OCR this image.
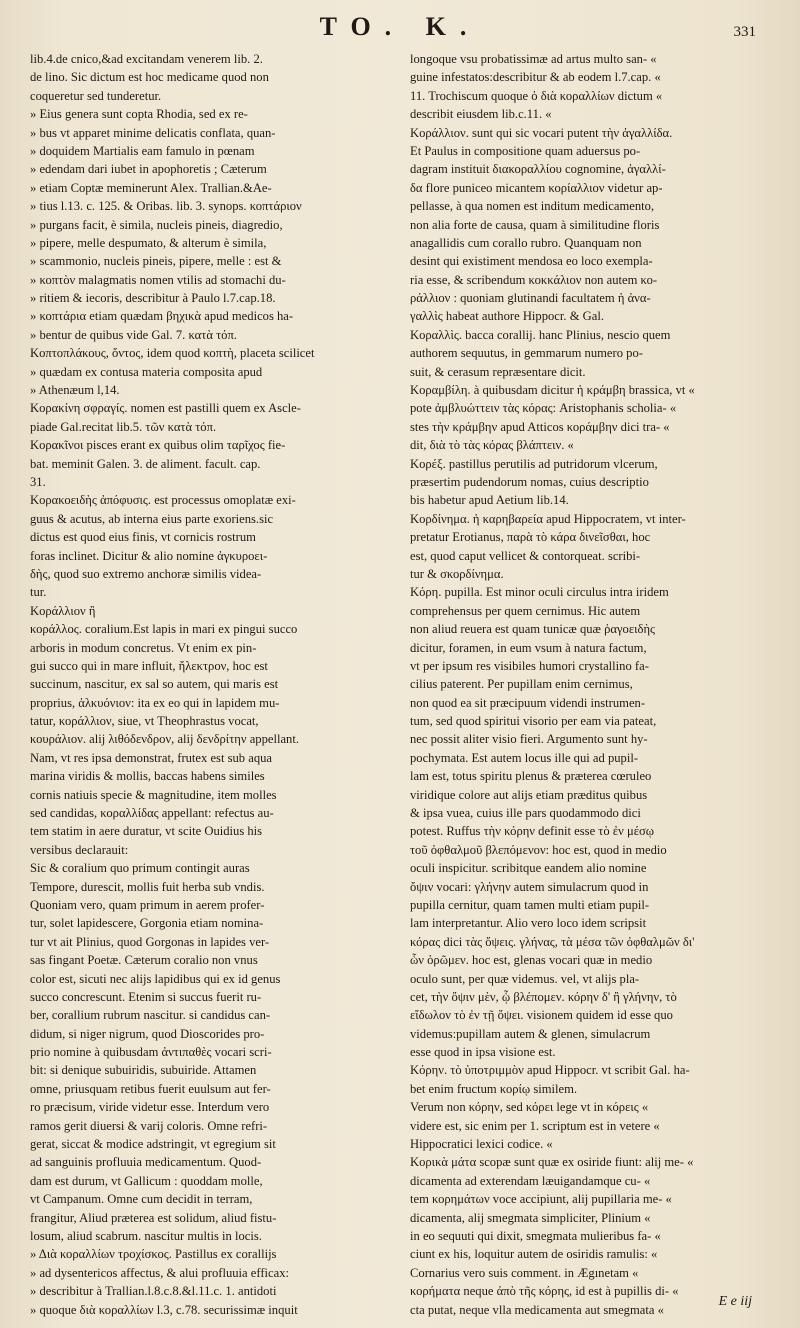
TO. K.	331
lib.4.de cnico,&ad excitandam venerem lib. 2.
de lino. Sic dictum est hoc medicame quod non
coqueretur sed tunderetur.
» Eius genera sunt copta Rhodia, sed ex re-
» bus vt apparet minime delicatis conflata, quan-
» doquidem Martialis eam famulo in pœnam
» edendam dari iubet in apophoretis ; Cæterum
» etiam Coptæ meminerunt Alex. Trallian.&Ae-
» tius l.13. c. 125. & Oribas. lib. 3. synops. κοπτάριον
» purgans facit, è simila, nucleis pineis, diagredio,
» pipere, melle despumato, & alterum è simila,
» scammonio, nucleis pineis, pipere, melle : est &
» κοπτὸν malagmatis nomen vtilis ad stomachi du-
» ritiem & iecoris, describitur à Paulo l.7.cap.18.
» κοπτάρια etiam quædam βηχικὰ apud medicos ha-
» bentur de quibus vide Gal. 7. κατὰ τόπ.
Κοπτοπλάκους, ὄντος, idem quod κοπτὴ, placeta scilicet
» quædam ex contusa materia composita apud
» Athenæum l,14.
Κορακίνη σφραγίς. nomen est pastilli quem ex Ascle-
piade Gal.recitat lib.5. τῶν κατὰ τόπ.
Κορακῖνοι pisces erant ex quibus olim ταρῖχος fie-
bat. meminit Galen. 3. de aliment. facult. cap.
31.
Κορακοειδὴς ἀπόφυσις. est processus omoplatæ exi-
guus & acutus, ab interna eius parte exoriens.sic
dictus est quod eius finis, vt cornicis rostrum
foras inclinet. Dicitur & alio nomine ἀγκυροει-
δὴς, quod suo extremo anchoræ similis videa-
tur.
Κοράλλιον ἢ
κοράλλος. coralium.Est lapis in mari ex pingui succo
arboris in modum concretus. Vt enim ex pin-
gui succo qui in mare influit, ἤλεκτρον, hoc est
succinum, nascitur, ex sal so autem, qui maris est
proprius, ἁλκυόνιον: ita ex eo qui in lapidem mu-
tatur, κοράλλιον, siue, vt Theophrastus vocat,
κουράλιον. alij λιθόδενδρον, alij δενδρίτην appellant.
Nam, vt res ipsa demonstrat, frutex est sub aqua
marina viridis & mollis, baccas habens similes
cornis natiuis specie & magnitudine, item molles
sed candidas, κοραλλίδας appellant: refectus au-
tem statim in aere duratur, vt scite Ouidius his
versibus declarauit:
Sic & coralium quo primum contingit auras
Tempore, durescit, mollis fuit herba sub vndis.
Quoniam vero, quam primum in aerem profer-
tur, solet lapidescere, Gorgonia etiam nomina-
tur vt ait Plinius, quod Gorgonas in lapides ver-
sas fingant Poetæ. Cæterum coralio non vnus
color est, sicuti nec alijs lapidibus qui ex id genus
succo concrescunt. Etenim si succus fuerit ru-
ber, corallium rubrum nascitur. si candidus can-
didum, si niger nigrum, quod Dioscorides pro-
prio nomine à quibusdam ἀντιπαθὲς vocari scri-
bit: si denique subuiridis, subuiride. Attamen
omne, priusquam retibus fuerit euulsum aut fer-
ro præcisum, viride videtur esse. Interdum vero
ramos gerit diuersi & varij coloris. Omne refri-
gerat, siccat & modice adstringit, vt egregium sit
ad sanguinis profluuia medicamentum. Quod-
dam est durum, vt Gallicum : quoddam molle,
vt Campanum. Omne cum decidit in terram,
frangitur, Aliud præterea est solidum, aliud fistu-
losum, aliud scabrum. nascitur multis in locis.
» Διὰ κοραλλίων τροχίσκος. Pastillus ex corallijs
» ad dysentericos affectus, & alui profluuia efficax:
» describitur à Trallian.l.8.c.8.&l.11.c. 1. antidoti
» quoque διὰ κοραλλίων l.3, c.78. securissimæ inquit
longoque vsu probatissimæ ad artus multo san- «
guine infestatos:describitur & ab eodem l.7.cap. «
11. Trochiscum quoque ὁ διὰ κοραλλίων dictum «
describit eiusdem lib.c.11. «
Κοράλλιον. sunt qui sic vocari putent τὴν ἀγαλλίδα.
Et Paulus in compositione quam aduersus po-
dagram instituit διακοραλλίου cognomine, ἀγαλλί-
δα flore puniceo micantem κορίαλλιον videtur ap-
pellasse, à qua nomen est inditum medicamento,
non alia forte de causa, quam à similitudine floris
anagallidis cum corallo rubro. Quanquam non
desint qui existiment mendosa eo loco exempla-
ria esse, & scribendum κοκκάλιον non autem κο-
ράλλιον : quoniam glutinandi facultatem ἡ ἀνα-
γαλλὶς habeat authore Hippocr. & Gal.
Κοραλλὶς. bacca corallij. hanc Plinius, nescio quem
authorem sequutus, in gemmarum numero po-
suit, & cerasum repræsentare dicit.
Κοραμβίλη. à quibusdam dicitur ἡ κράμβη brassica, vt «
pote ἀμβλυώττειν τὰς κόρας: Aristophanis scholia- «
stes τὴν κράμβην apud Atticos κοράμβην dici tra- «
dit, διὰ τὸ τὰς κόρας βλάπτειν. «
Κορέξ. pastillus perutilis ad putridorum vlcerum,
præsertim pudendorum nomas, cuius descriptio
bis habetur apud Aetium lib.14.
Κορδίνημα. ἡ καρηβαρεία apud Hippocratem, vt inter-
pretatur Erotianus, παρὰ τὸ κάρα δινεῖσθαι, hoc
est, quod caput vellicet & contorqueat. scribi-
tur & σκορδίνημα.
Κόρη. pupilla. Est minor oculi circulus intra iridem
comprehensus per quem cernimus. Hic autem
non aliud reuera est quam tunicæ quæ ῥαγοειδὴς
dicitur, foramen, in eum vsum à natura factum,
vt per ipsum res visibiles humori crystallino fa-
cilius paterent. Per pupillam enim cernimus,
non quod ea sit præcipuum videndi instrumen-
tum, sed quod spiritui visorio per eam via pateat,
nec possit aliter visio fieri. Argumento sunt hy-
pochymata. Est autem locus ille qui ad pupil-
lam est, totus spiritu plenus & præterea cœruleo
viridique colore aut alijs etiam præditus quibus
& ipsa vuea, cuius ille pars quodammodo dici
potest. Ruffus τὴν κόρην definit esse τὸ ἐν μέσῳ
τοῦ ὀφθαλμοῦ βλεπόμενον: hoc est, quod in medio
oculi inspicitur. scribitque eandem alio nomine
ὄψιν vocari: γλήνην autem simulacrum quod in
pupilla cernitur, quam tamen multi etiam pupil-
lam interpretantur. Alio vero loco idem scripsit
κόρας dici τὰς ὄψεις. γλήνας, τὰ μέσα τῶν ὀφθαλμῶν δι'
ὧν ὁρῶμεν. hoc est, glenas vocari quæ in medio
oculo sunt, per quæ videmus. vel, vt alijs pla-
cet, τὴν ὄψιν μὲν, ᾧ βλέπομεν. κόρην δ' ἢ γλήνην, τὸ
εἴδωλον τὸ ἐν τῇ ὄψει. visionem quidem id esse quo
videmus:pupillam autem & glenen, simulacrum
esse quod in ipsa visione est.
Κόρην. τὸ ὑποτριμμὸν apud Hippocr. vt scribit Gal. ha-
bet enim fructum κορίῳ similem.
Verum non κόρην, sed κόρει lege vt in κόρεις «
videre est, sic enim per 1. scriptum est in vetere «
Hippocratici lexici codice. «
Κορικὰ μάτα scopæ sunt quæ ex osiride fiunt: alij me- «
dicamenta ad exterendam læuigandamque cu- «
tem κορημάτων voce accipiunt, alij pupillaria me- «
dicamenta, alij smegmata simpliciter, Plinium «
in eo sequuti qui dixit, smegmata mulieribus fa- «
ciunt ex his, loquitur autem de osiridis ramulis: «
Cornarius vero suis comment. in Ægınetam «
κορήματα neque ἀπὸ τῆς κόρης, id est à pupillis di- «
cta putat, neque vlla medicamenta aut smegmata «
E e iij
